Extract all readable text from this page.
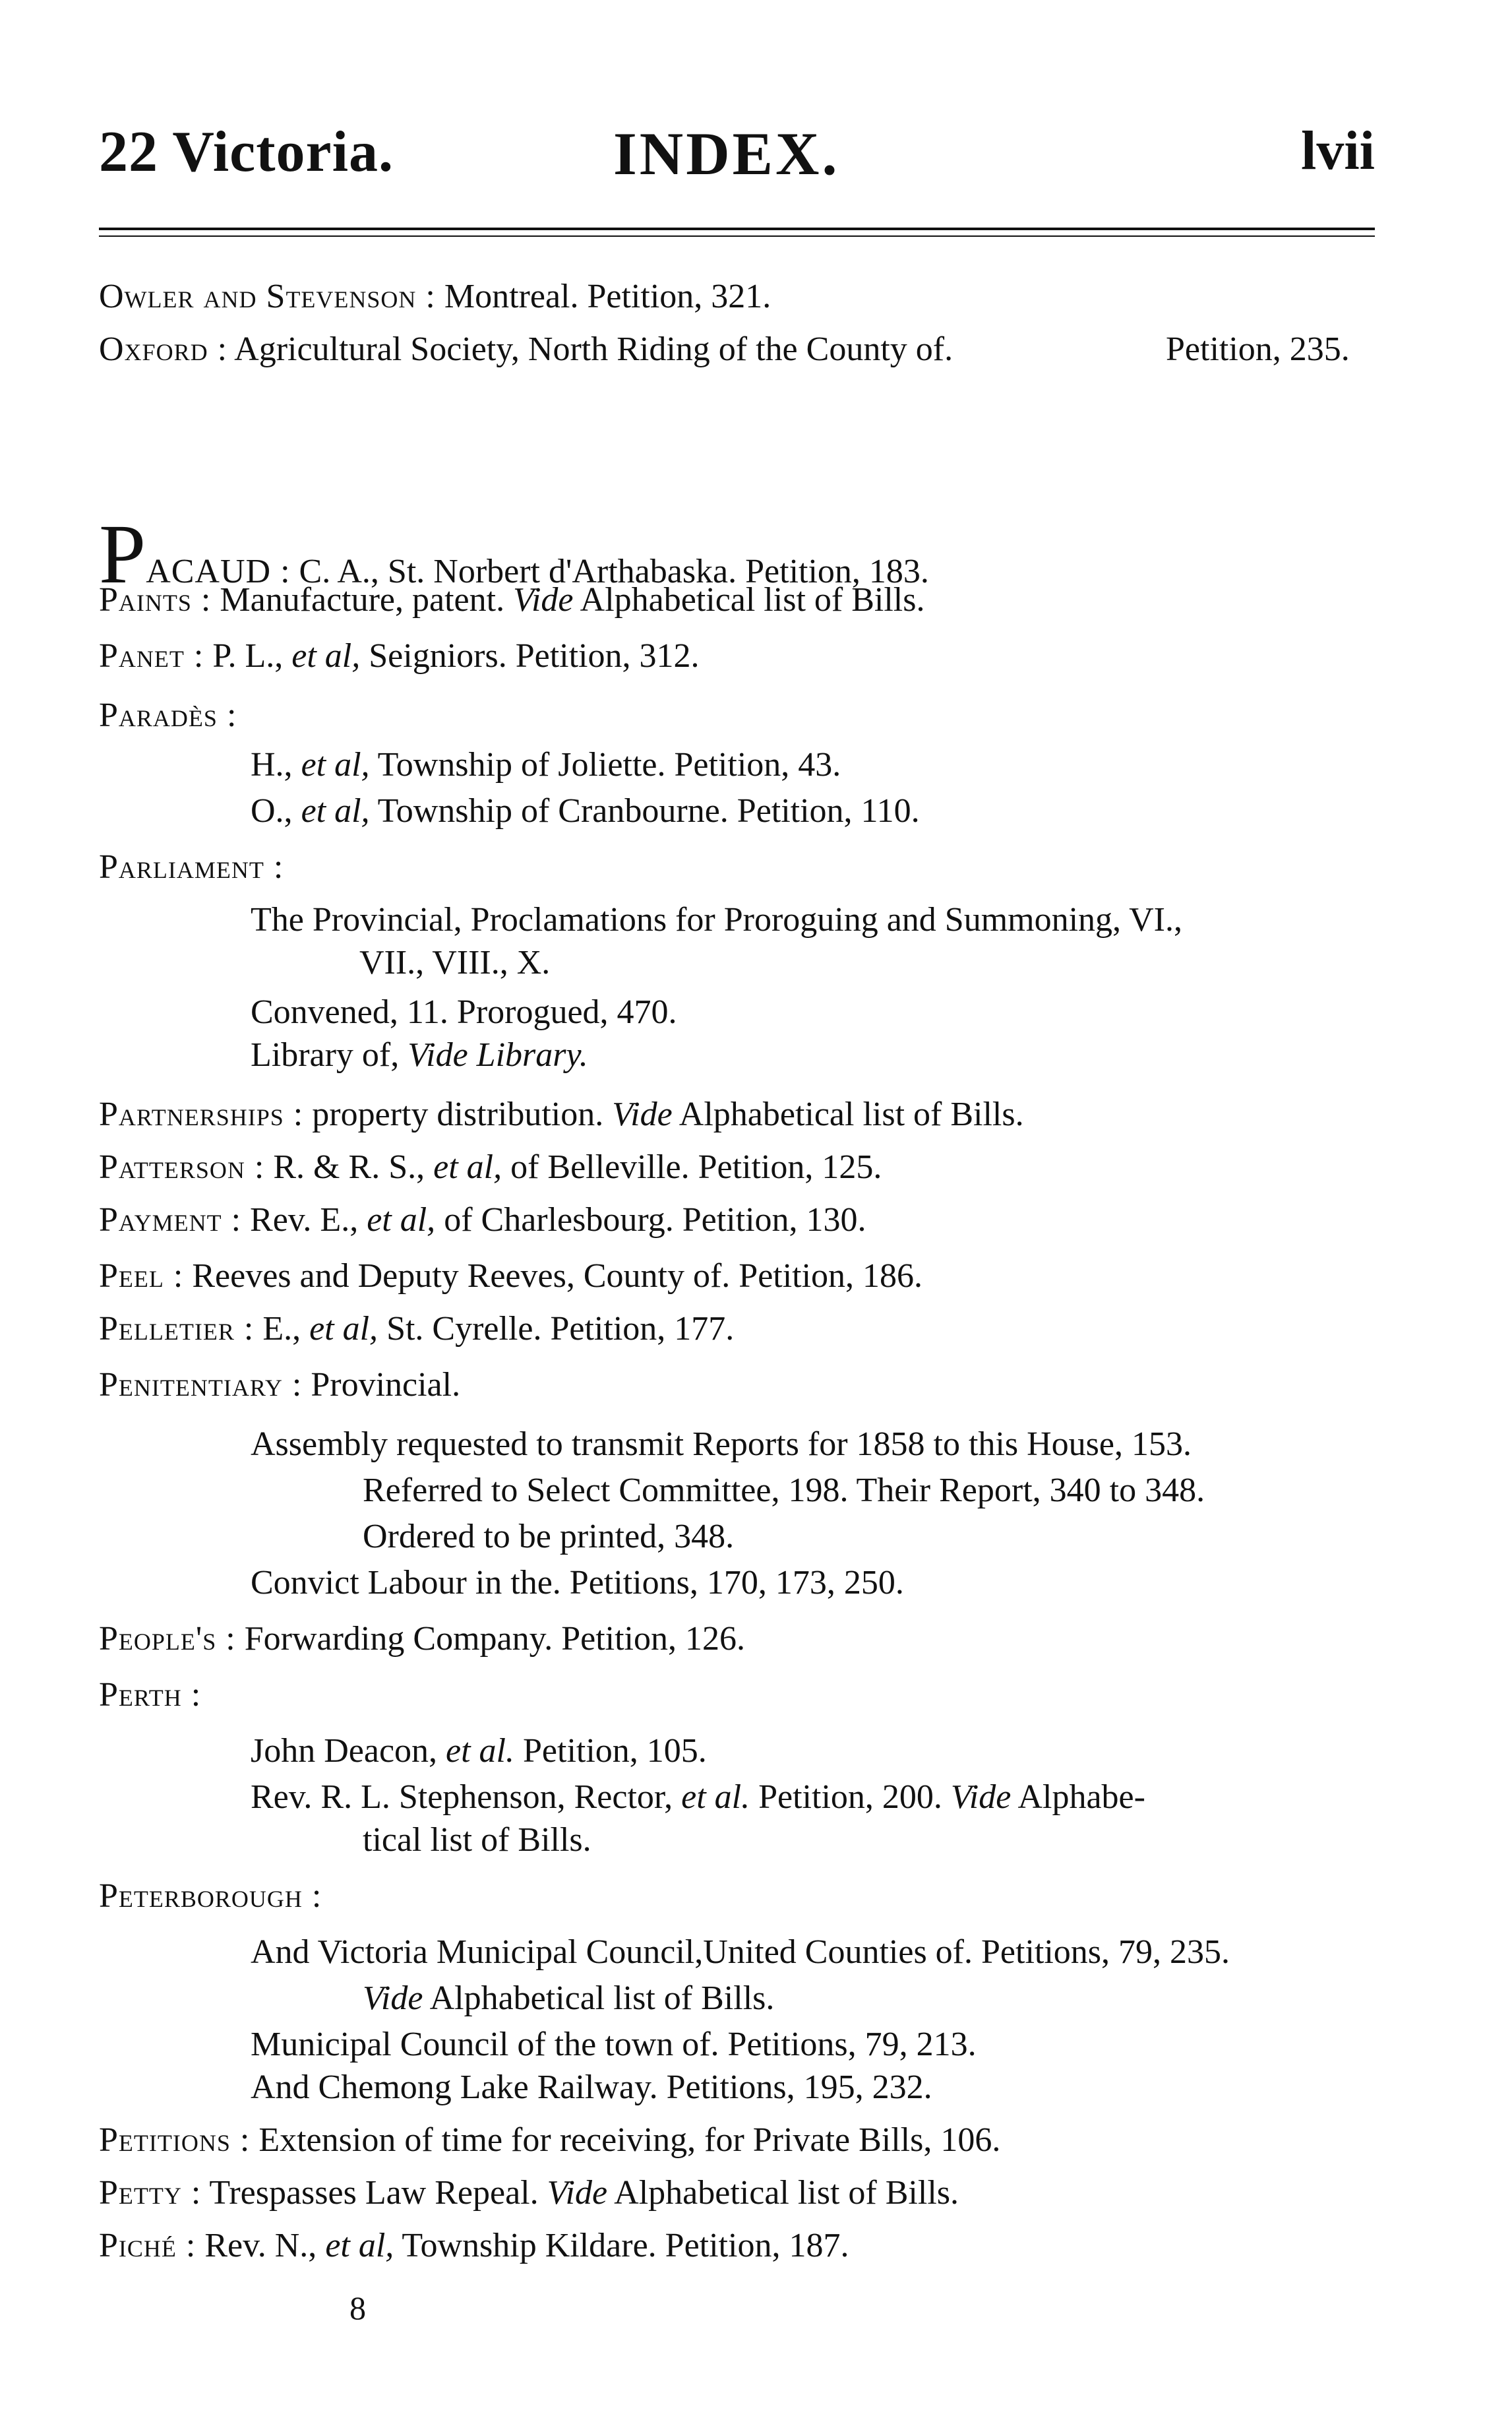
22 Victoria.	INDEX.	lvii
Owler and Stevenson : Montreal. Petition, 321.
Oxford : Agricultural Society, North Riding of the County of.	Petition, 235.
PACAUD : C. A., St. Norbert d'Arthabaska. Petition, 183.
Paints : Manufacture, patent. Vide Alphabetical list of Bills.
Panet : P. L., et al, Seigniors. Petition, 312.
Paradès :
H., et al, Township of Joliette. Petition, 43.
O., et al, Township of Cranbourne. Petition, 110.
Parliament :
The Provincial, Proclamations for Proroguing and Summoning, VI.,
VII., VIII., X.
Convened, 11. Prorogued, 470.
Library of, Vide Library.
Partnerships : property distribution. Vide Alphabetical list of Bills.
Patterson : R. & R. S., et al, of Belleville. Petition, 125.
Payment : Rev. E., et al, of Charlesbourg. Petition, 130.
Peel : Reeves and Deputy Reeves, County of. Petition, 186.
Pelletier : E., et al, St. Cyrelle. Petition, 177.
Penitentiary : Provincial.
Assembly requested to transmit Reports for 1858 to this House, 153.
Referred to Select Committee, 198. Their Report, 340 to 348.
Ordered to be printed, 348.
Convict Labour in the. Petitions, 170, 173, 250.
People's : Forwarding Company. Petition, 126.
Perth :
John Deacon, et al. Petition, 105.
Rev. R. L. Stephenson, Rector, et al. Petition, 200. Vide Alphabe-
tical list of Bills.
Peterborough :
And Victoria Municipal Council,United Counties of. Petitions, 79, 235.
Vide Alphabetical list of Bills.
Municipal Council of the town of. Petitions, 79, 213.
And Chemong Lake Railway. Petitions, 195, 232.
Petitions : Extension of time for receiving, for Private Bills, 106.
Petty : Trespasses Law Repeal. Vide Alphabetical list of Bills.
Piché : Rev. N., et al, Township Kildare. Petition, 187.
8
